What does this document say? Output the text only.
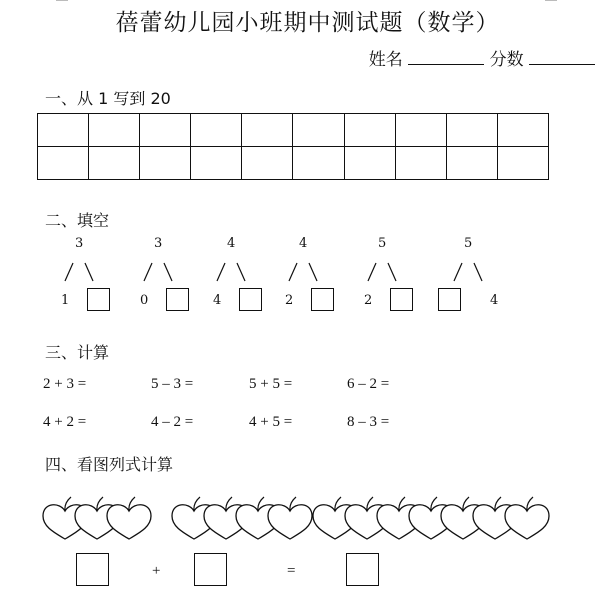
蓓蕾幼儿园小班期中测试题（数学）
姓名	分数
一、从 1 写到 20

二、填空
3
1
3
0
4
4
4
2
5
2
5
4
三、计算
2 + 3 =	5 – 3 =	5 + 5 =	6 – 2 =
4 + 2 =	4 – 2 =	4 + 5 =	8 – 3 =
四、看图列式计算
+	=
